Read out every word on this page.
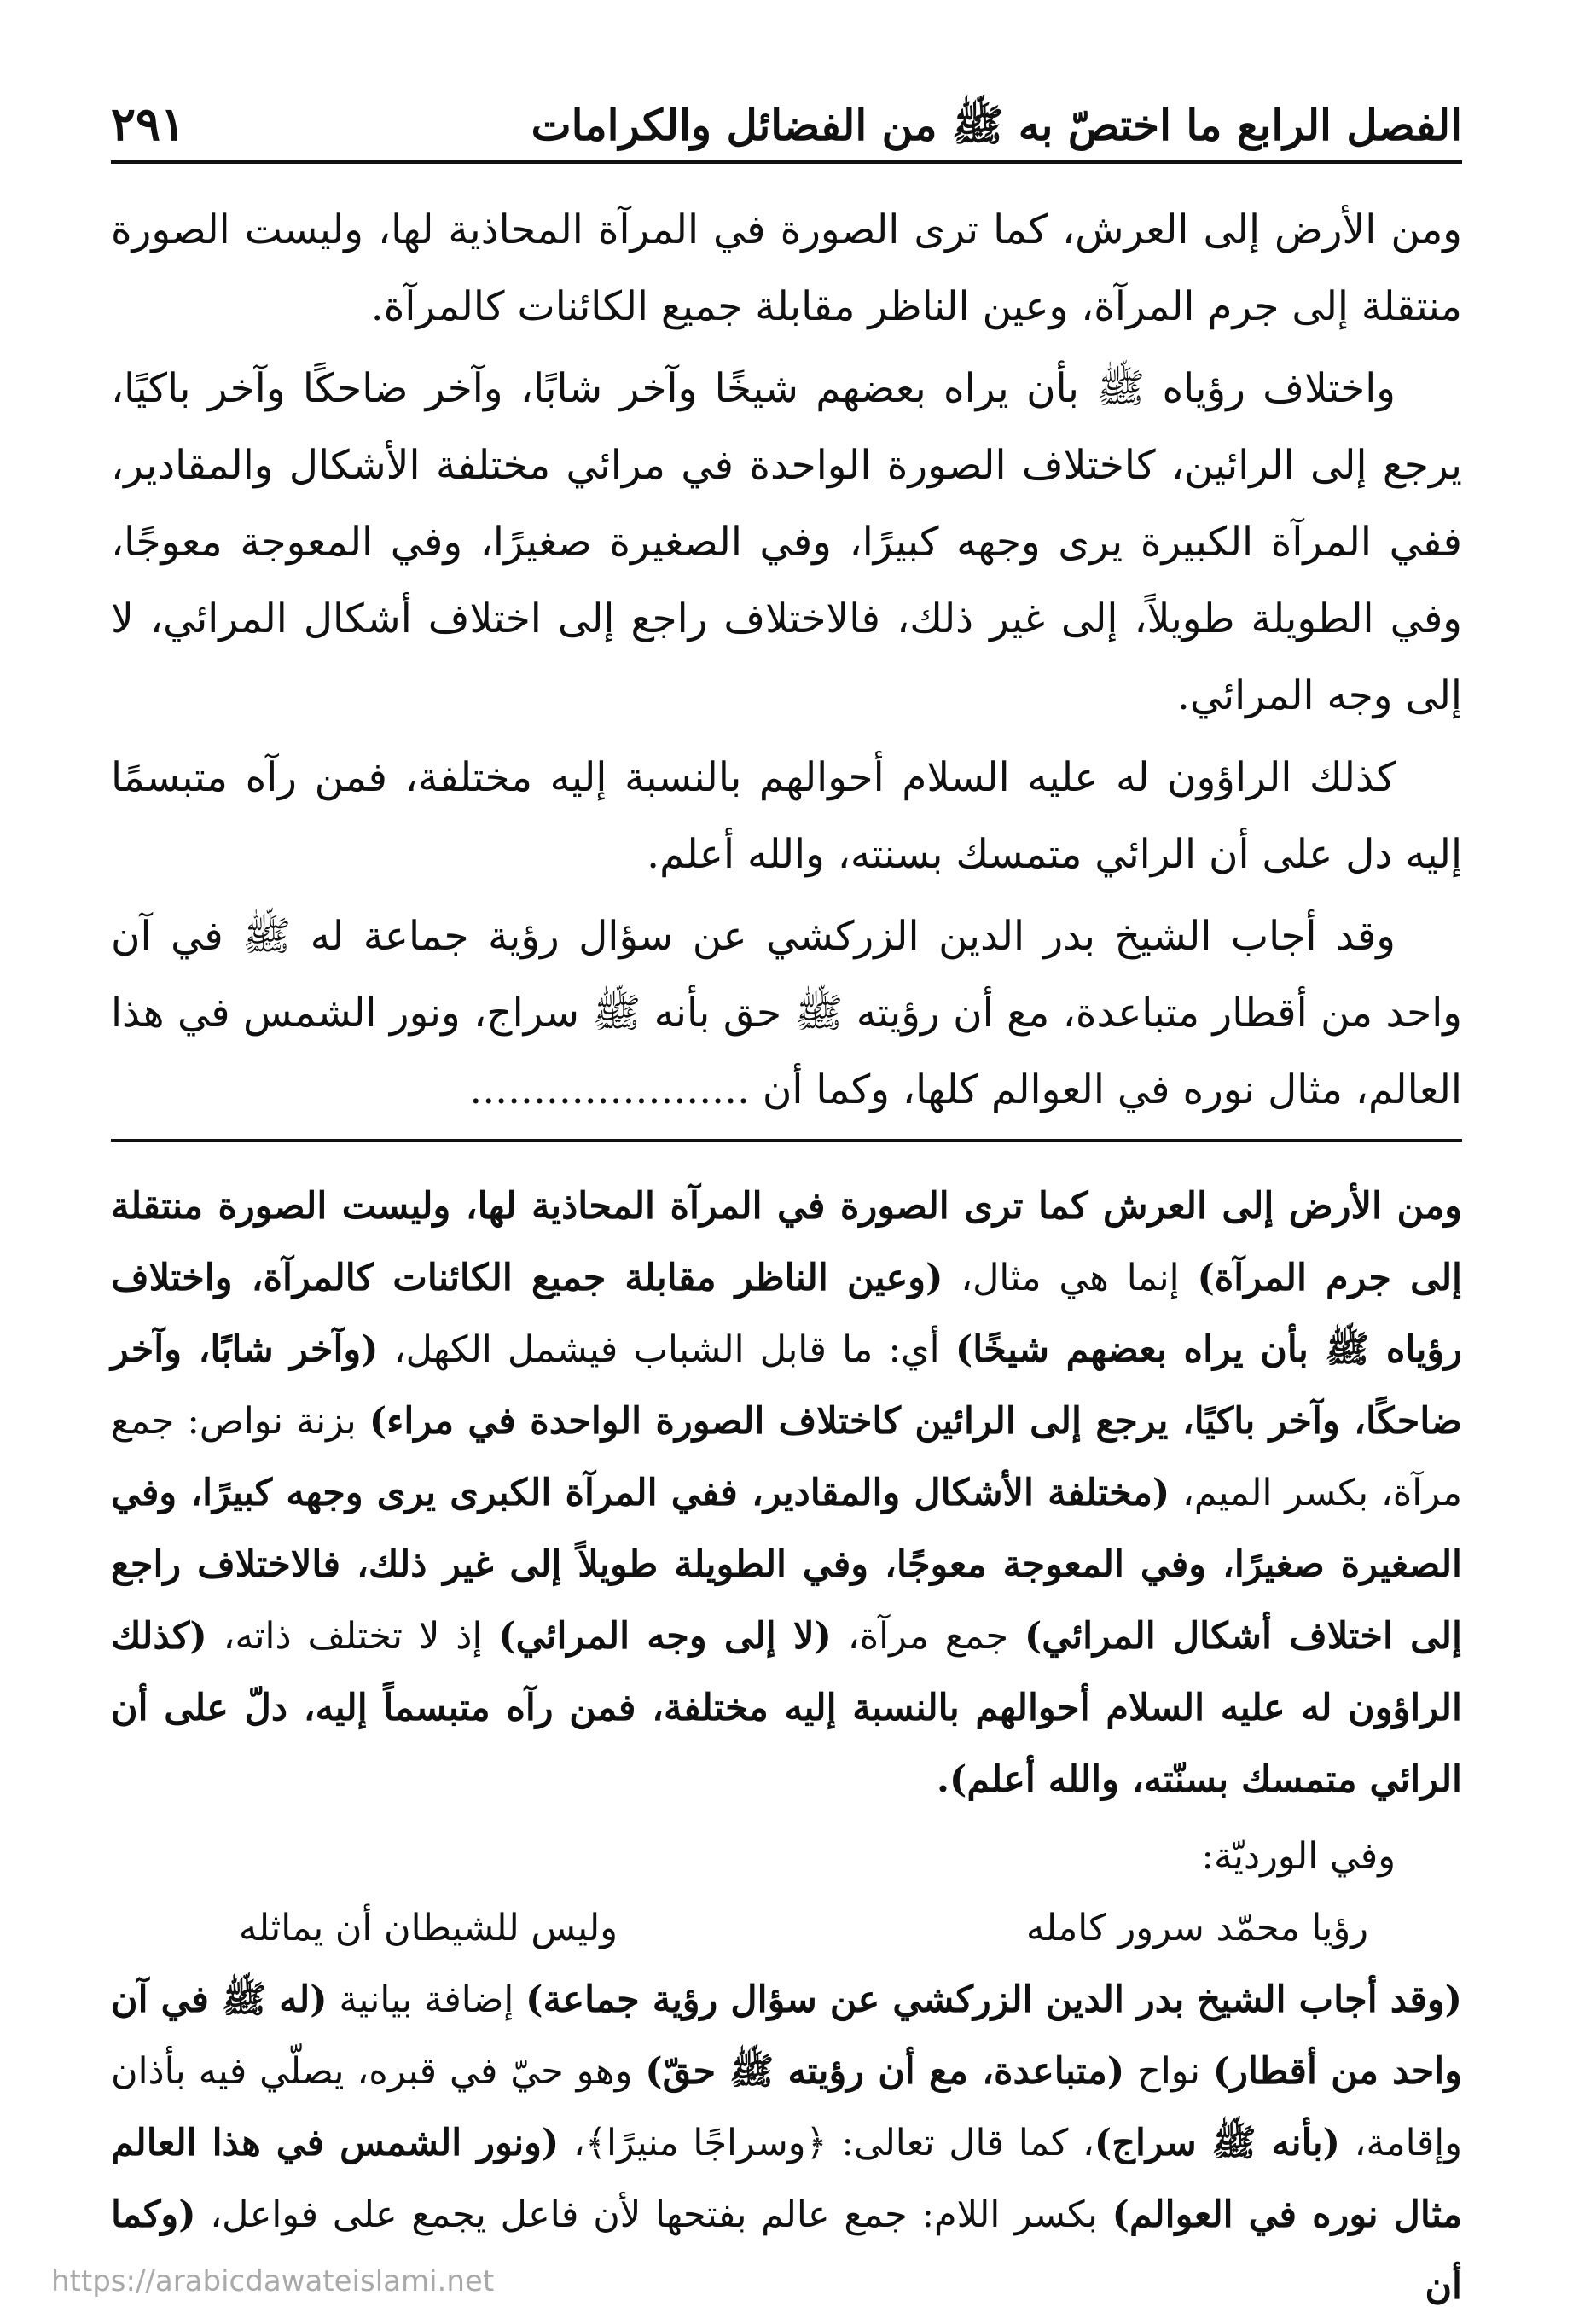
الفصل الرابع ما اختصّ به ﷺ من الفضائل والكرامات
٢٩١

ومن الأرض إلى العرش، كما ترى الصورة في المرآة المحاذية لها، وليست الصورة منتقلة إلى جرم المرآة، وعين الناظر مقابلة جميع الكائنات كالمرآة.

واختلاف رؤياه ﷺ بأن يراه بعضهم شيخًا وآخر شابًا، وآخر ضاحكًا وآخر باكيًا، يرجع إلى الرائين، كاختلاف الصورة الواحدة في مرائي مختلفة الأشكال والمقادير، ففي المرآة الكبيرة يرى وجهه كبيرًا، وفي الصغيرة صغيرًا، وفي المعوجة معوجًا، وفي الطويلة طويلاً، إلى غير ذلك، فالاختلاف راجع إلى اختلاف أشكال المرائي، لا إلى وجه المرائي.

كذلك الراؤون له عليه السلام أحوالهم بالنسبة إليه مختلفة، فمن رآه متبسمًا إليه دل على أن الرائي متمسك بسنته، والله أعلم.

وقد أجاب الشيخ بدر الدين الزركشي عن سؤال رؤية جماعة له ﷺ في آن واحد من أقطار متباعدة، مع أن رؤيته ﷺ حق بأنه ﷺ سراج، ونور الشمس في هذا العالم، مثال نوره في العوالم كلها، وكما أن ......................

ومن الأرض إلى العرش كما ترى الصورة في المرآة المحاذية لها، وليست الصورة منتقلة إلى جرم المرآة) إنما هي مثال، (وعين الناظر مقابلة جميع الكائنات كالمرآة، واختلاف رؤياه ﷺ بأن يراه بعضهم شيخًا) أي: ما قابل الشباب فيشمل الكهل، (وآخر شابًا، وآخر ضاحكًا، وآخر باكيًا، يرجع إلى الرائين كاختلاف الصورة الواحدة في مراء) بزنة نواص: جمع مرآة، بكسر الميم، (مختلفة الأشكال والمقادير، ففي المرآة الكبرى يرى وجهه كبيرًا، وفي الصغيرة صغيرًا، وفي المعوجة معوجًا، وفي الطويلة طويلاً إلى غير ذلك، فالاختلاف راجع إلى اختلاف أشكال المرائي) جمع مرآة، (لا إلى وجه المرائي) إذ لا تختلف ذاته، (كذلك الراؤون له عليه السلام أحوالهم بالنسبة إليه مختلفة، فمن رآه متبسماً إليه، دلّ على أن الرائي متمسك بسنّته، والله أعلم).

وفي الورديّة:

رؤيا محمّد سرور كامله
وليس للشيطان أن يماثله

(وقد أجاب الشيخ بدر الدين الزركشي عن سؤال رؤية جماعة) إضافة بيانية (له ﷺ في آن واحد من أقطار) نواح (متباعدة، مع أن رؤيته ﷺ حقّ) وهو حيّ في قبره، يصلّي فيه بأذان وإقامة، (بأنه ﷺ سراج)، كما قال تعالى: ﴿وسراجًا منيرًا﴾، (ونور الشمس في هذا العالم مثال نوره في العوالم) بكسر اللام: جمع عالم بفتحها لأن فاعل يجمع على فواعل، (وكما أن

https://arabicdawateislami.net
